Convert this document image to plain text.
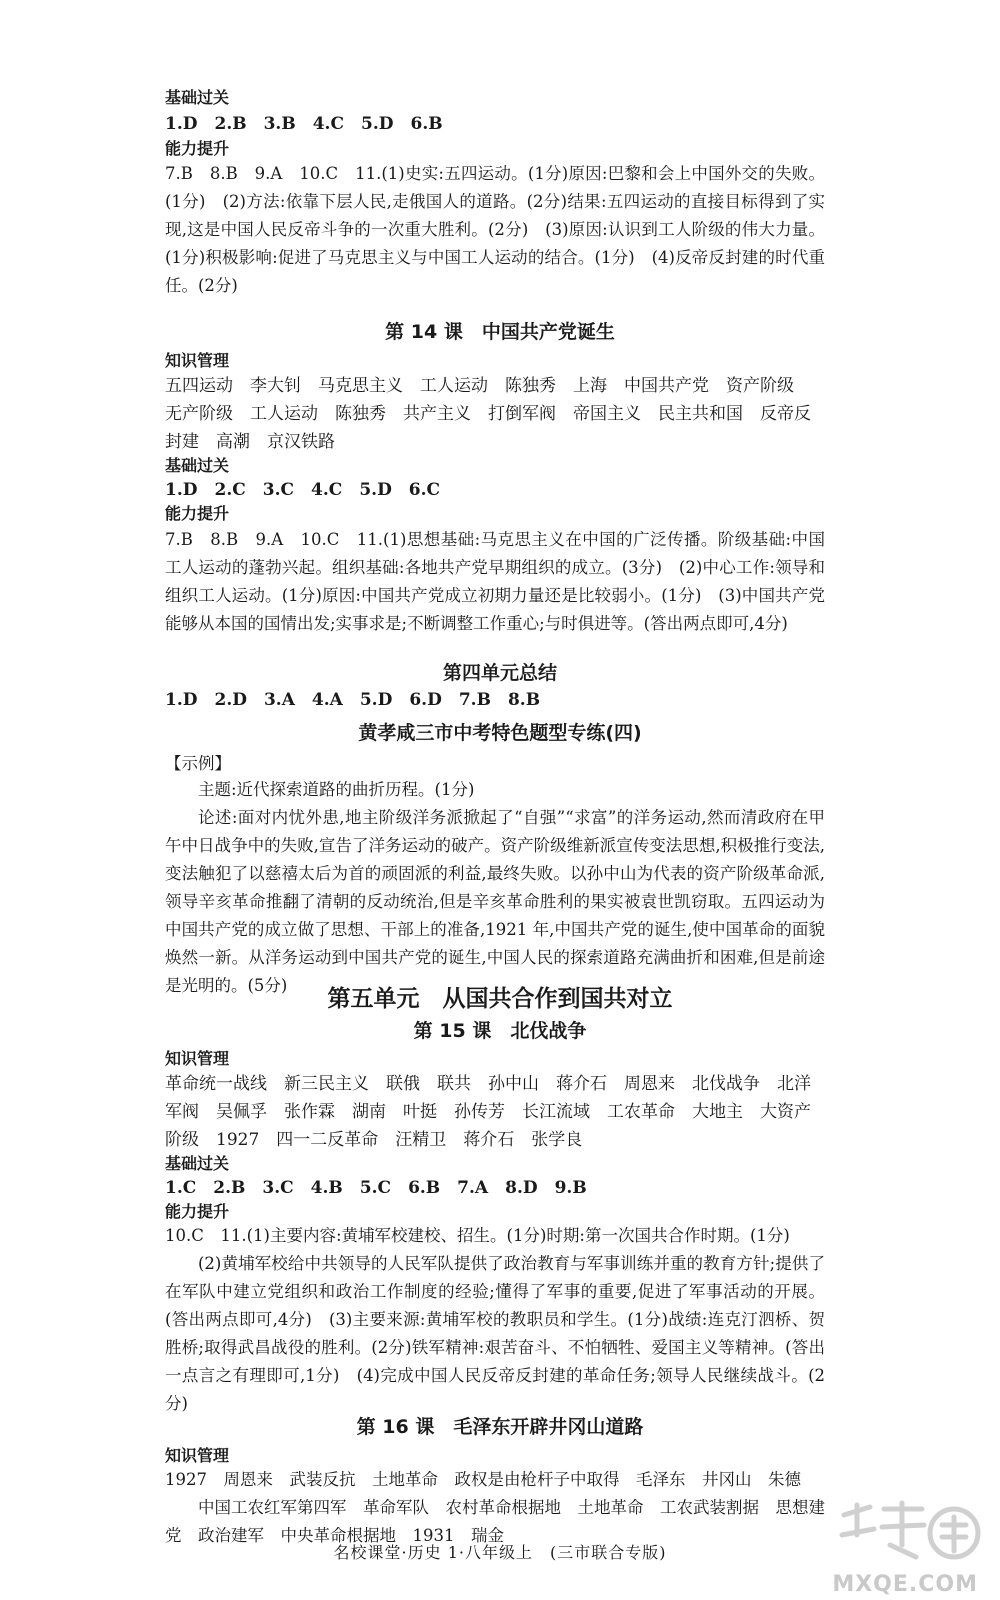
基础过关
1.D　2.B　3.B　4.C　5.D　6.B
能力提升
7.B　8.B　9.A　10.C　11.(1)史实:五四运动。(1分)原因:巴黎和会上中国外交的失败。(1分)　(2)方法:依靠下层人民,走俄国人的道路。(2分)结果:五四运动的直接目标得到了实现,这是中国人民反帝斗争的一次重大胜利。(2分)　(3)原因:认识到工人阶级的伟大力量。(1分)积极影响:促进了马克思主义与中国工人运动的结合。(1分)　(4)反帝反封建的时代重任。(2分)
第 14 课　中国共产党诞生
知识管理
五四运动　李大钊　马克思主义　工人运动　陈独秀　上海　中国共产党　资产阶级　无产阶级　工人运动　陈独秀　共产主义　打倒军阀　帝国主义　民主共和国　反帝反封建　高潮　京汉铁路
基础过关
1.D　2.C　3.C　4.C　5.D　6.C
能力提升
7.B　8.B　9.A　10.C　11.(1)思想基础:马克思主义在中国的广泛传播。阶级基础:中国工人运动的蓬勃兴起。组织基础:各地共产党早期组织的成立。(3分)　(2)中心工作:领导和组织工人运动。(1分)原因:中国共产党成立初期力量还是比较弱小。(1分)　(3)中国共产党能够从本国的国情出发;实事求是;不断调整工作重心;与时俱进等。(答出两点即可,4分)
第四单元总结
1.D　2.D　3.A　4.A　5.D　6.D　7.B　8.B
黄孝咸三市中考特色题型专练(四)
【示例】

主题:近代探索道路的曲折历程。(1分)

论述:面对内忧外患,地主阶级洋务派掀起了“自强”“求富”的洋务运动,然而清政府在甲午中日战争中的失败,宣告了洋务运动的破产。资产阶级维新派宣传变法思想,积极推行变法,变法触犯了以慈禧太后为首的顽固派的利益,最终失败。以孙中山为代表的资产阶级革命派,领导辛亥革命推翻了清朝的反动统治,但是辛亥革命胜利的果实被袁世凯窃取。五四运动为中国共产党的成立做了思想、干部上的准备,1921 年,中国共产党的诞生,使中国革命的面貌焕然一新。从洋务运动到中国共产党的诞生,中国人民的探索道路充满曲折和困难,但是前途是光明的。(5分)

第五单元　从国共合作到国共对立
第 15 课　北伐战争
知识管理
革命统一战线　新三民主义　联俄　联共　孙中山　蒋介石　周恩来　北伐战争　北洋军阀　吴佩孚　张作霖　湖南　叶挺　孙传芳　长江流域　工农革命　大地主　大资产阶级　1927　四一二反革命　汪精卫　蒋介石　张学良
基础过关
1.C　2.B　3.C　4.B　5.C　6.B　7.A　8.D　9.B
能力提升

10.C　11.(1)主要内容:黄埔军校建校、招生。(1分)时期:第一次国共合作时期。(1分)

(2)黄埔军校给中共领导的人民军队提供了政治教育与军事训练并重的教育方针;提供了在军队中建立党组织和政治工作制度的经验;懂得了军事的重要,促进了军事活动的开展。(答出两点即可,4分)　(3)主要来源:黄埔军校的教职员和学生。(1分)战绩:连克汀泗桥、贺胜桥;取得武昌战役的胜利。(2分)铁军精神:艰苦奋斗、不怕牺牲、爱国主义等精神。(答出一点言之有理即可,1分)　(4)完成中国人民反帝反封建的革命任务;领导人民继续战斗。(2分)

第 16 课　毛泽东开辟井冈山道路
知识管理

1927　周恩来　武装反抗　土地革命　政权是由枪杆子中取得　毛泽东　井冈山　朱德

中国工农红军第四军　革命军队　农村革命根据地　土地革命　工农武装割据　思想建党　政治建军　中央革命根据地　1931　瑞金

名校课堂·历史 1·八年级上　(三市联合专版)
MXQE.COM
